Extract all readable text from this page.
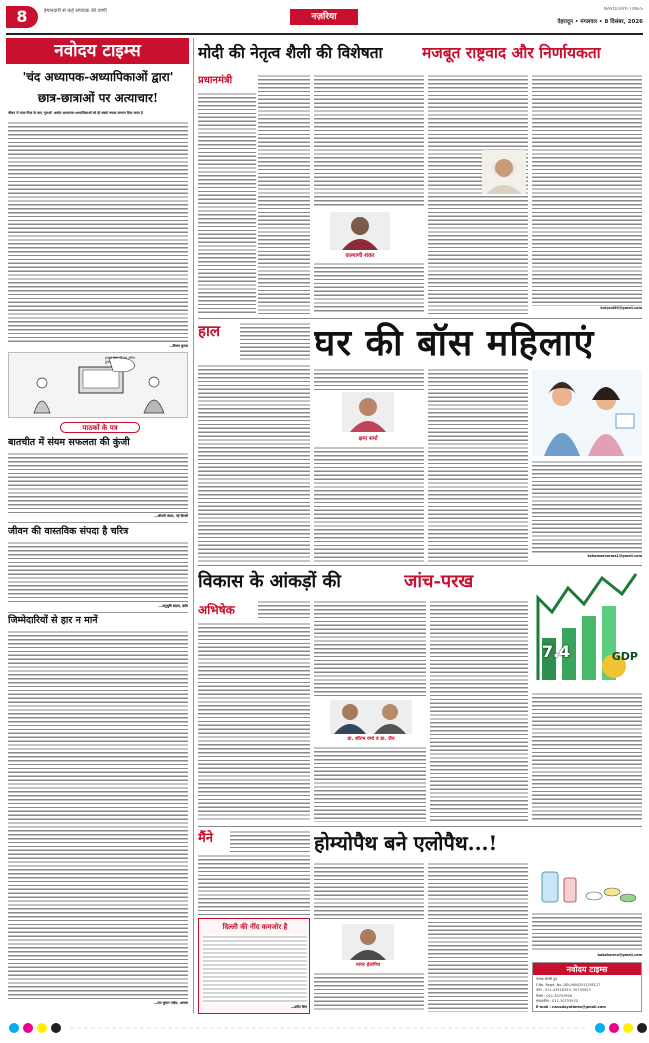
8	ईमानदारी से कहें संपादक की वाणी
नज़रिया
NAVODAYA TIMES
देहरादून • मंगलवार • 8 दिसंबर, 2026
नवोदय टाइम्स
'चंद अध्यापक-अध्यापिकाओं द्वारा'
छात्र-छात्राओं पर अत्याचार!
जीवन में माता-पिता के बाद 'गुरुओं' अर्थात अध्यापक-अध्यापिकाओं को ही सबसे ज्यादा सम्मान दिया जाता है
—विजय कुमार
हमारा ऐसा भी घर आँगन हुआ
पाठकों के पत्र
बातचीत में संयम सफलता की कुंजी
—श्रीमती वंदना, नई दिल्ली
जीवन की वास्तविक संपदा है चरित्र
—अनुश्रुवि सहाय, इंदौर
जिम्मेदारियों से हार न मानें
—राम कुमार पांडेय, अलवर
मोदी की नेतृत्व शैली की विशेषता	मजबूत राष्ट्रवाद और निर्णायकता
प्रधानमंत्री
कल्याणी शंकर
kalyani60@gmail.com
हाल	घर की बॉस महिलाएं
क्षमा शर्मा
kshamasharma1@gmail.com
विकास के आंकड़ों की	जांच-परख
अभिषेक
डा. सौरभ वर्मा व डा. जैन
GDP
7.4
मैंने	होम्योपैथ बने एलोपैथ...!
दिल्ली की नींद कमजोर है
—प्रदीप शिव
नायर हेलोपैथ
bobsharma@gmail.com
नवोदय टाइम्स
पंजाब केसरी ग्रुप
F.No. Regd. No. DEL/HIN/2011/38127
फोन : 011-43518353, 30753923
फैक्स : 011-30753928
संपादकीय : 011-30753970
E-mail : navodayatimes@gmail.com
